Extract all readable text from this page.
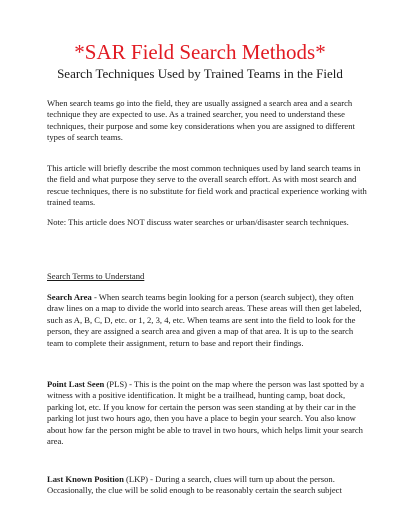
*SAR Field Search Methods*
Search Techniques Used by Trained Teams in the Field

When search teams go into the field, they are usually assigned a search area and a search technique they are expected to use. As a trained searcher, you need to understand these techniques, their purpose and some key considerations when you are assigned to different types of search teams.

This article will briefly describe the most common techniques used by land search teams in the field and what purpose they serve to the overall search effort. As with most search and rescue techniques, there is no substitute for field work and practical experience working with trained teams.

Note: This article does NOT discuss water searches or urban/disaster search techniques.

Search Terms to Understand

Search Area - When search teams begin looking for a person (search subject), they often draw lines on a map to divide the world into search areas. These areas will then get labeled, such as A, B, C, D, etc. or 1, 2, 3, 4, etc. When teams are sent into the field to look for the person, they are assigned a search area and given a map of that area. It is up to the search team to complete their assignment, return to base and report their findings.

Point Last Seen (PLS) - This is the point on the map where the person was last spotted by a witness with a positive identification. It might be a trailhead, hunting camp, boat dock, parking lot, etc. If you know for certain the person was seen standing at by their car in the parking lot just two hours ago, then you have a place to begin your search. You also know about how far the person might be able to travel in two hours, which helps limit your search area.

Last Known Position (LKP) - During a search, clues will turn up about the person. Occasionally, the clue will be solid enough to be reasonably certain the search subject
